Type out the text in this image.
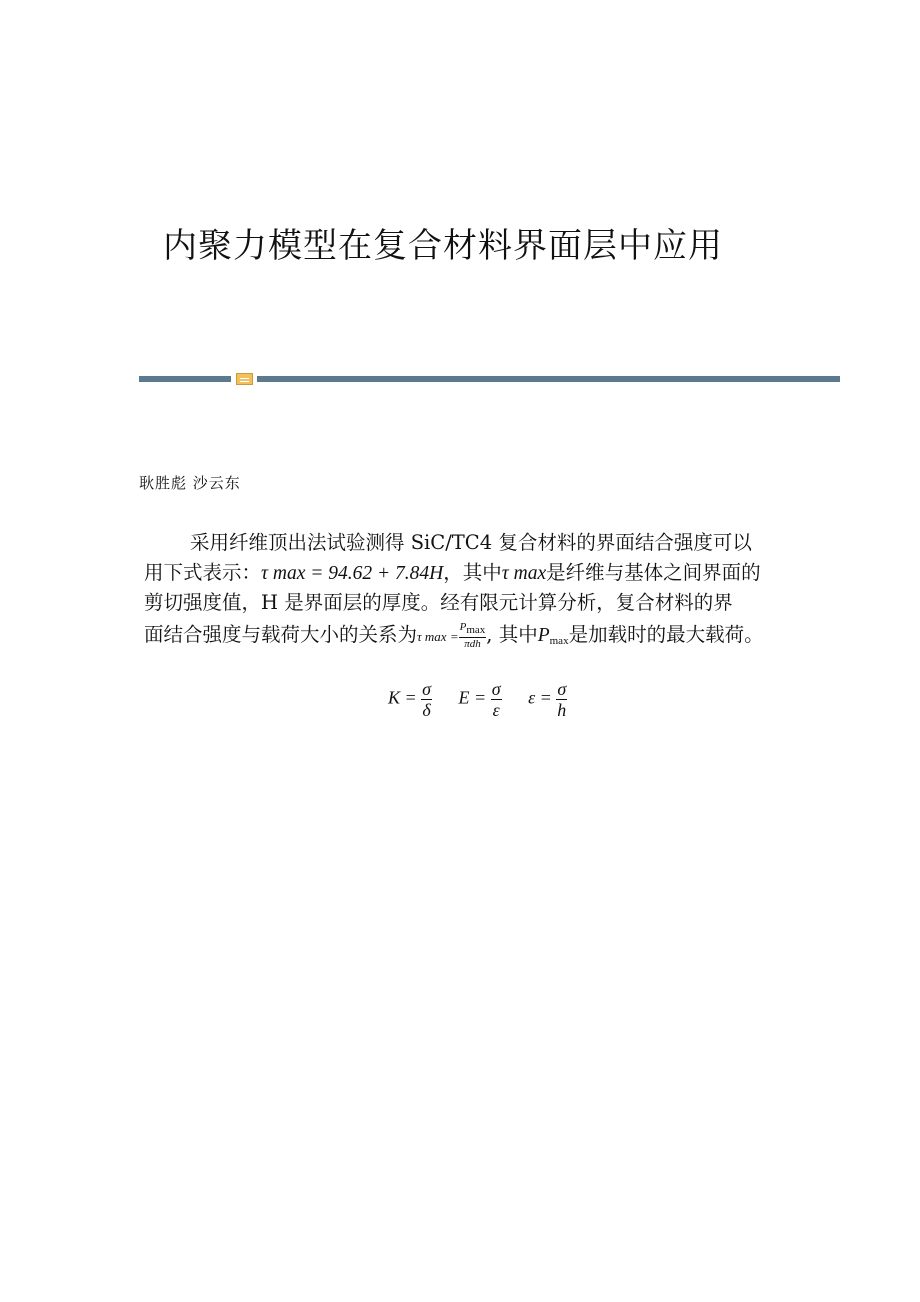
内聚力模型在复合材料界面层中应用
耿胜彪 沙云东
采用纤维顶出法试验测得 SiC/TC4 复合材料的界面结合强度可以
用下式表示：τ max = 94.62 + 7.84H，其中τ max是纤维与基体之间界面的
剪切强度值，H 是界面层的厚度。经有限元计算分析，复合材料的界
面结合强度与载荷大小的关系为τ $\max = \frac{Pmax}{\text{πdh}}$ , 其中$P_{max}$是加载时的最大载荷。
$K = \frac{\sigma}{\delta}$ $E = \frac{\sigma}{\varepsilon}$ $\varepsilon = \frac{\sigma}{h}$
